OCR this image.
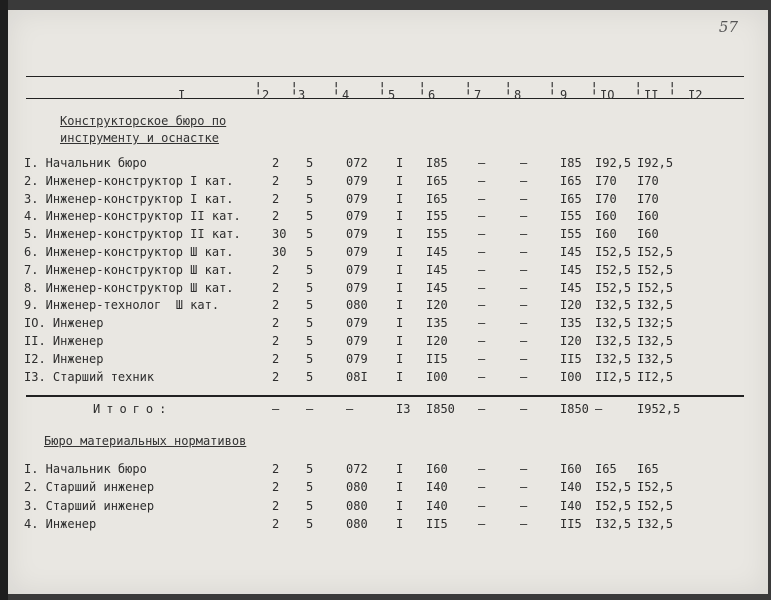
57
I	2 3	4	5	6	7	8	9	IO II I2
¦ ¦ ¦	¦ ¦	¦ ¦	¦ ¦	¦ ¦
Конструкторское бюро по
инструменту и оснастке
I. Начальник бюро	2 5	072 I I85	–	–	I85 I92,5 I92,5
2. Инженер-конструктор I кат.	2 5	079 I I65	–	–	I65 I70 I70
3. Инженер-конструктор I кат.	2 5	079 I I65	–	–	I65 I70 I70
4. Инженер-конструктор II кат.	2 5	079 I I55	–	–	I55 I60 I60
5. Инженер-конструктор II кат.	30 5	079 I I55	–	–	I55 I60 I60
6. Инженер-конструктор Ш кат.	30 5	079 I I45	–	–	I45 I52,5 I52,5
7. Инженер-конструктор Ш кат.	2 5	079 I I45	–	–	I45 I52,5 I52,5
8. Инженер-конструктор Ш кат.	2 5	079 I I45	–	–	I45 I52,5 I52,5
9. Инженер-технолог  Ш кат.	2 5	080 I I20	–	–	I20 I32,5 I32,5
IO. Инженер	2 5	079 I I35	–	–	I35 I32,5 I32;5
II. Инженер	2 5	079 I I20	–	–	I20 I32,5 I32,5
I2. Инженер	2 5	079 I II5	–	–	II5 I32,5 I32,5
I3. Старший техник	2 5	08I I I00	–	–	I00 II2,5 II2,5
Итого:	– –	–	I3 I850 –	–	I850 –	I952,5
Бюро материальных нормативов
I. Начальник бюро	2 5	072 I I60	–	–	I60 I65 I65
2. Старший инженер	2 5	080 I I40	–	–	I40 I52,5 I52,5
3. Старший инженер	2 5	080 I I40	–	–	I40 I52,5 I52,5
4. Инженер	2 5	080 I II5	–	–	II5 I32,5 I32,5
